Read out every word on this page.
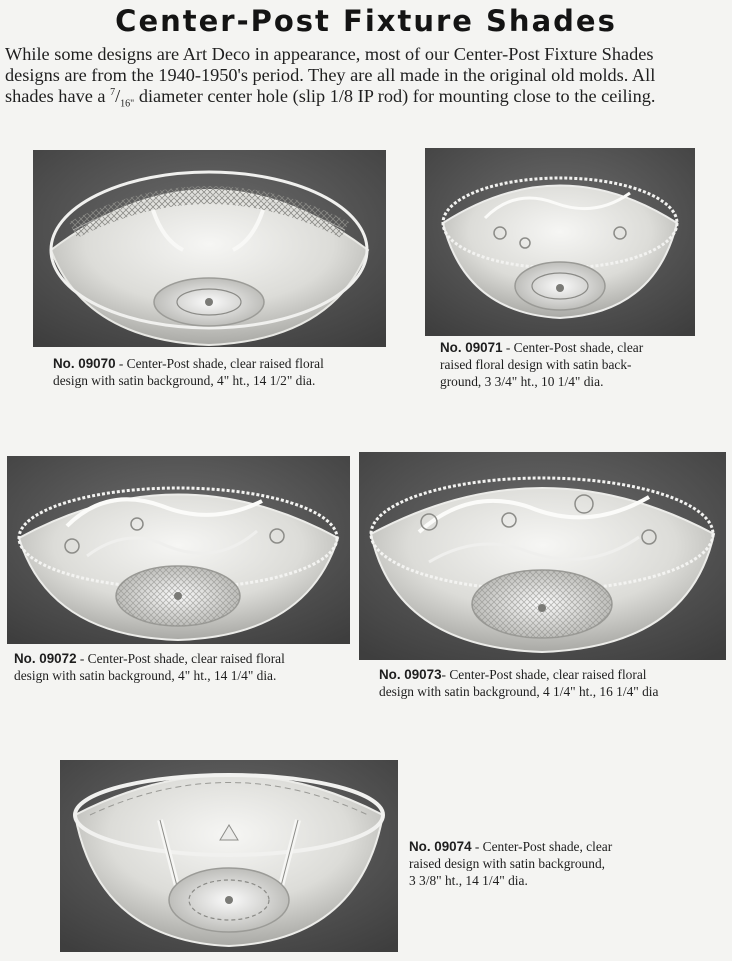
Center-Post Fixture Shades
While some designs are Art Deco in appearance, most of our Center-Post Fixture Shades
designs are from the 1940-1950's period. They are all made in the original old molds. All
shades have a $^7/_{16"}$ diameter center hole (slip 1/8 IP rod) for mounting close to the ceiling.
No. 09070 - Center-Post shade, clear raised floral
design with satin background, 4" ht., 14 1/2" dia.
No. 09071 - Center-Post shade, clear
raised floral design with satin back-
ground, 3 3/4" ht., 10 1/4" dia.
No. 09072 - Center-Post shade, clear raised floral
design with satin background, 4" ht., 14 1/4" dia.	No. 09073- Center-Post shade, clear raised floral
design with satin background, 4 1/4" ht., 16 1/4" dia
No. 09074 - Center-Post shade, clear
raised design with satin background,
3 3/8" ht., 14 1/4" dia.
